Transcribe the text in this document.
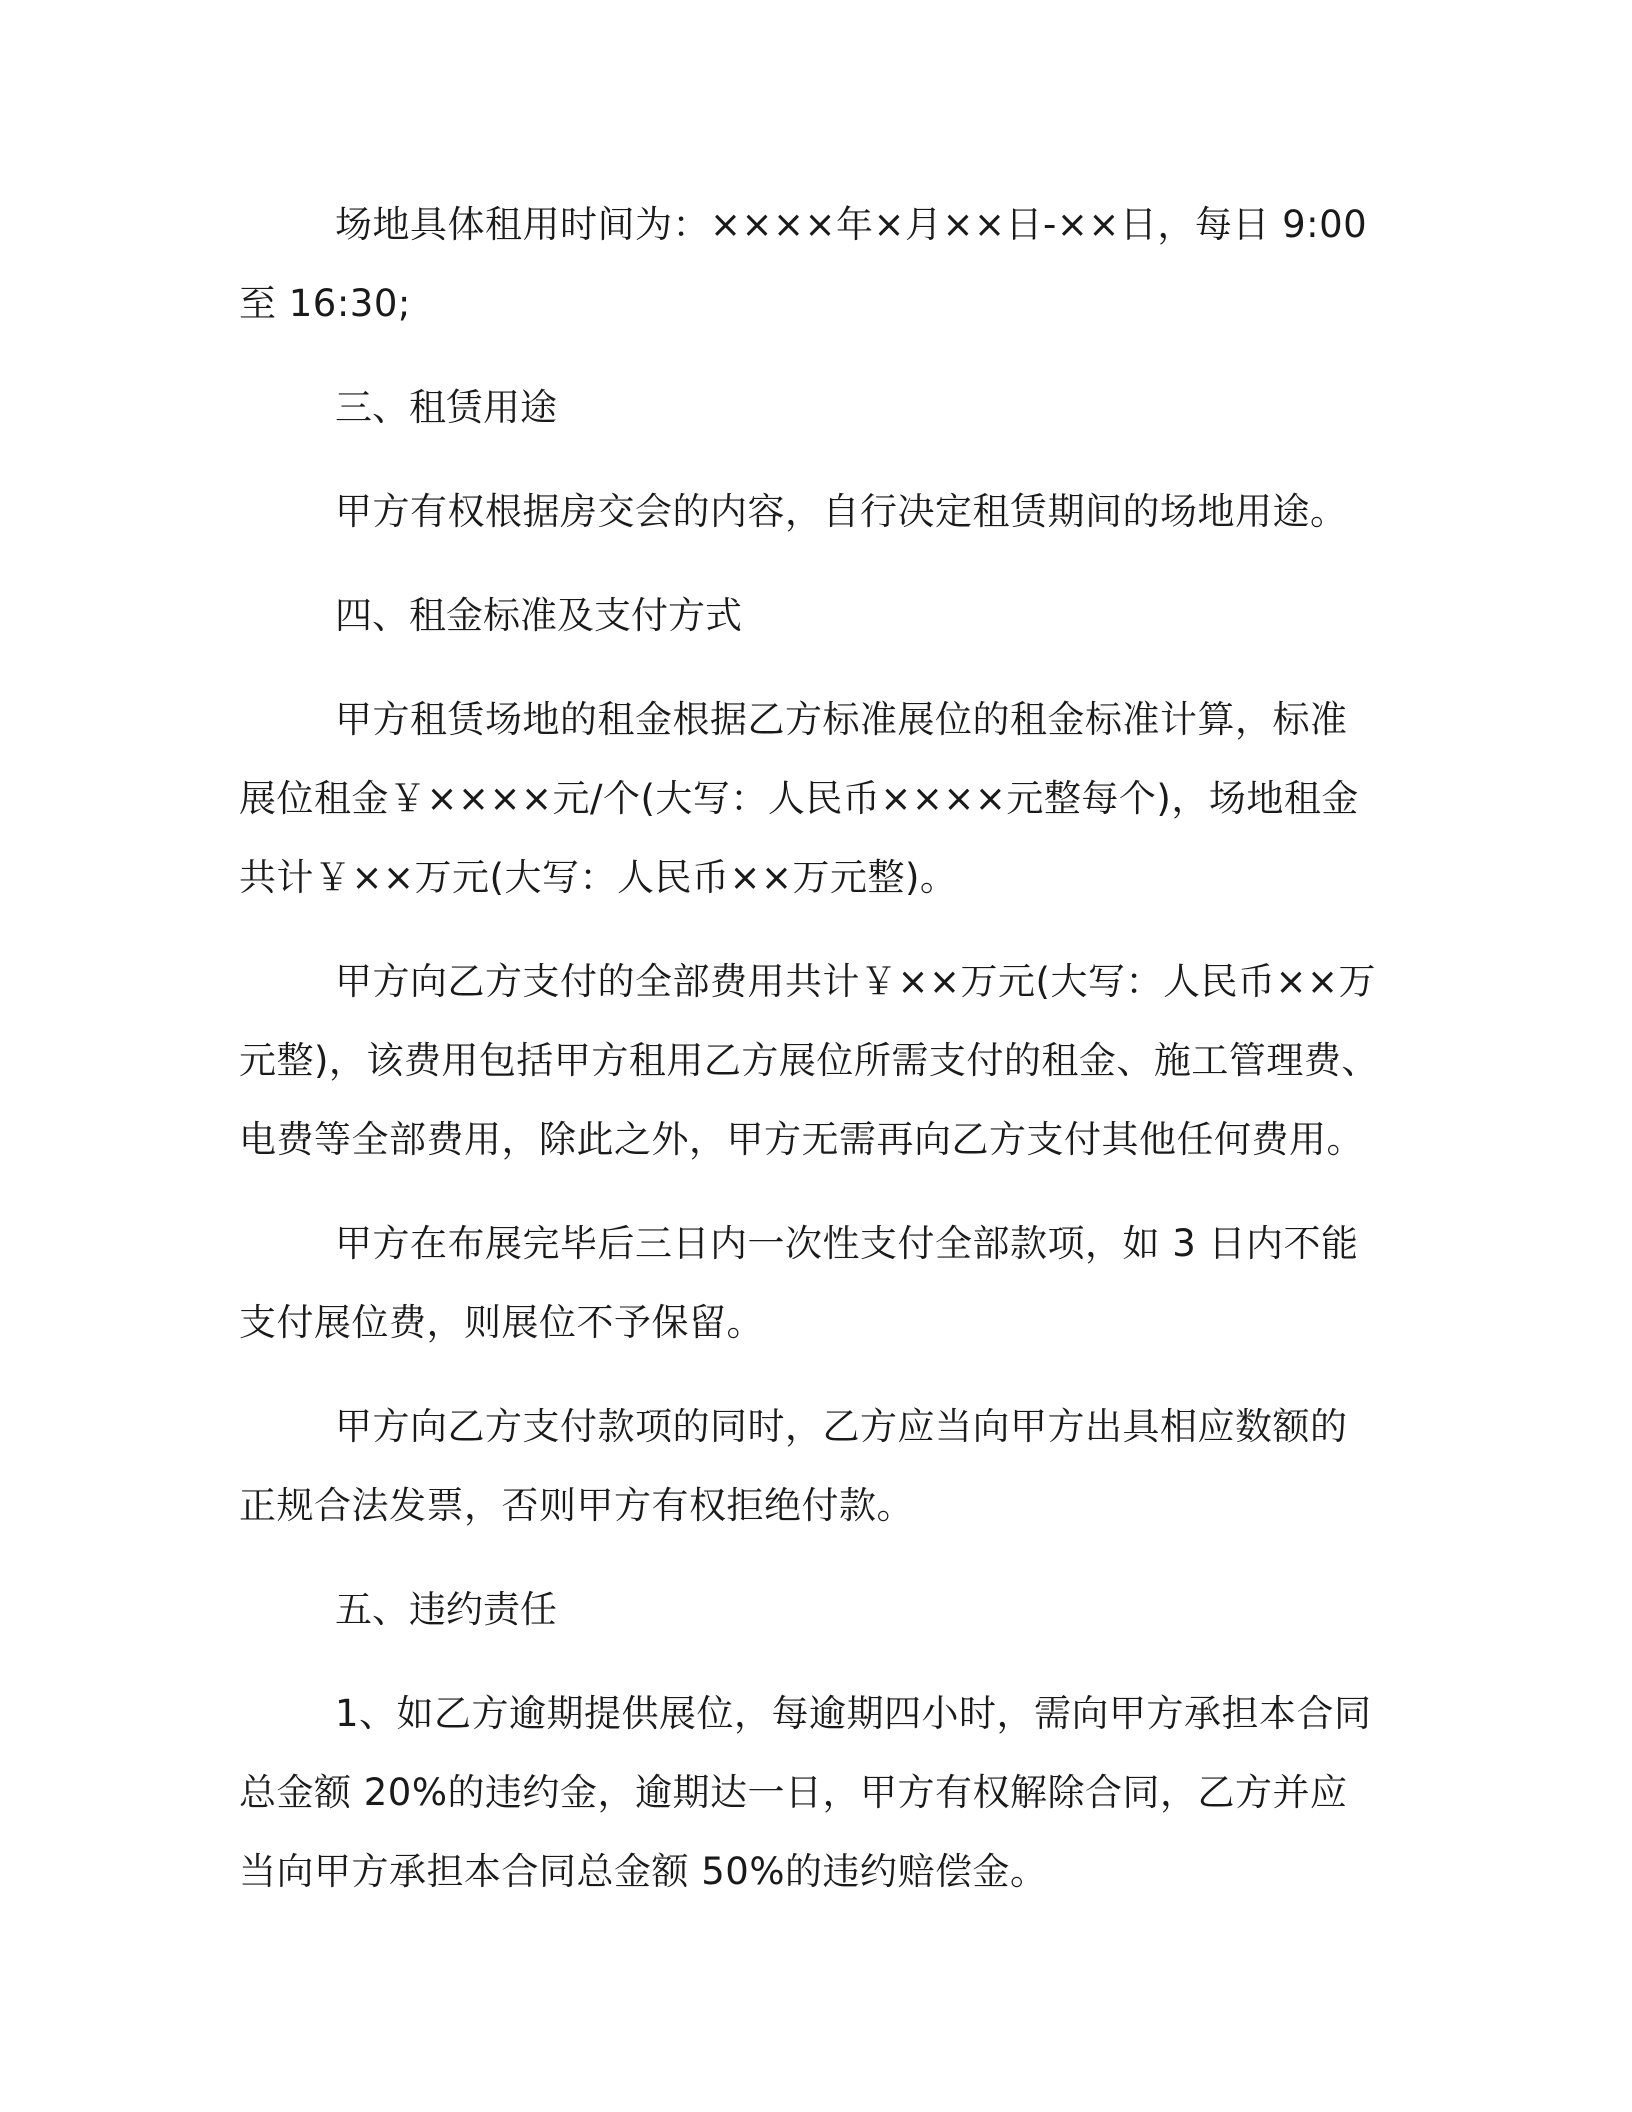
场地具体租用时间为：××××年×月××日-××日，每日 9:00 至 16:30;

三、租赁用途

甲方有权根据房交会的内容，自行决定租赁期间的场地用途。

四、租金标准及支付方式

甲方租赁场地的租金根据乙方标准展位的租金标准计算，标准展位租金￥××××元/个(大写：人民币××××元整每个)，场地租金共计￥××万元(大写：人民币××万元整)。

甲方向乙方支付的全部费用共计￥××万元(大写：人民币××万元整)，该费用包括甲方租用乙方展位所需支付的租金、施工管理费、电费等全部费用，除此之外，甲方无需再向乙方支付其他任何费用。

甲方在布展完毕后三日内一次性支付全部款项，如 3 日内不能支付展位费，则展位不予保留。

甲方向乙方支付款项的同时，乙方应当向甲方出具相应数额的正规合法发票，否则甲方有权拒绝付款。

五、违约责任

1、如乙方逾期提供展位，每逾期四小时，需向甲方承担本合同总金额 20%的违约金，逾期达一日，甲方有权解除合同，乙方并应当向甲方承担本合同总金额 50%的违约赔偿金。
